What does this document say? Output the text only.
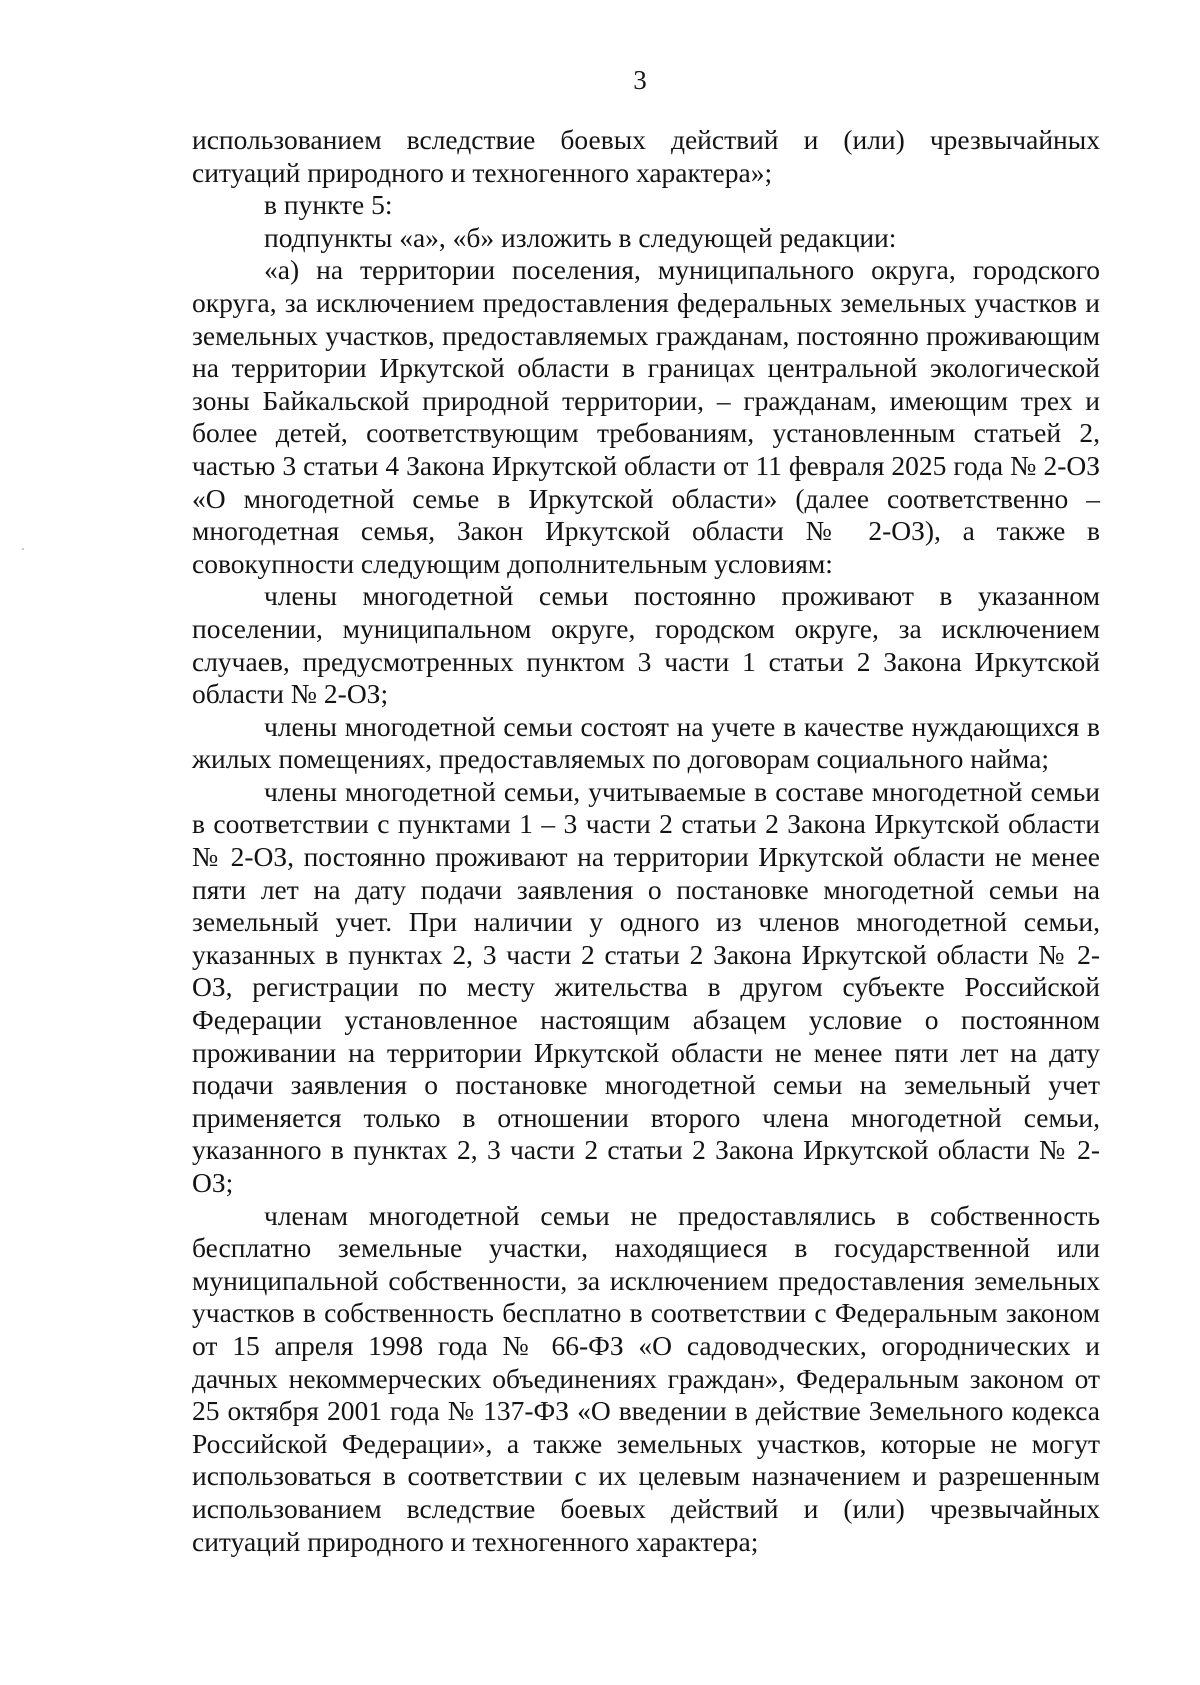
3

использованием вследствие боевых действий и (или) чрезвычайных ситуаций природного и техногенного характера»;

в пункте 5:

подпункты «а», «б» изложить в следующей редакции:

«а) на территории поселения, муниципального округа, городского округа, за исключением предоставления федеральных земельных участков и земельных участков, предоставляемых гражданам, постоянно проживающим на территории Иркутской области в границах центральной экологической зоны Байкальской природной территории, – гражданам, имеющим трех и более детей, соответствующим требованиям, установленным статьей 2, частью 3 статьи 4 Закона Иркутской области от 11 февраля 2025 года № 2-ОЗ «О многодетной семье в Иркутской области» (далее соответственно – многодетная семья, Закон Иркутской области № 2-ОЗ), а также в совокупности следующим дополнительным условиям:

члены многодетной семьи постоянно проживают в указанном поселении, муниципальном округе, городском округе, за исключением случаев, предусмотренных пунктом 3 части 1 статьи 2 Закона Иркутской области № 2-ОЗ;

члены многодетной семьи состоят на учете в качестве нуждающихся в жилых помещениях, предоставляемых по договорам социального найма;

члены многодетной семьи, учитываемые в составе многодетной семьи в соответствии с пунктами 1 – 3 части 2 статьи 2 Закона Иркутской области № 2-ОЗ, постоянно проживают на территории Иркутской области не менее пяти лет на дату подачи заявления о постановке многодетной семьи на земельный учет. При наличии у одного из членов многодетной семьи, указанных в пунктах 2, 3 части 2 статьи 2 Закона Иркутской области № 2-ОЗ, регистрации по месту жительства в другом субъекте Российской Федерации установленное настоящим абзацем условие о постоянном проживании на территории Иркутской области не менее пяти лет на дату подачи заявления о постановке многодетной семьи на земельный учет применяется только в отношении второго члена многодетной семьи, указанного в пунктах 2, 3 части 2 статьи 2 Закона Иркутской области № 2-ОЗ;

членам многодетной семьи не предоставлялись в собственность бесплатно земельные участки, находящиеся в государственной или муниципальной собственности, за исключением предоставления земельных участков в собственность бесплатно в соответствии с Федеральным законом от 15 апреля 1998 года № 66-ФЗ «О садоводческих, огороднических и дачных некоммерческих объединениях граждан», Федеральным законом от 25 октября 2001 года № 137-ФЗ «О введении в действие Земельного кодекса Российской Федерации», а также земельных участков, которые не могут использоваться в соответствии с их целевым назначением и разрешенным использованием вследствие боевых действий и (или) чрезвычайных ситуаций природного и техногенного характера;
